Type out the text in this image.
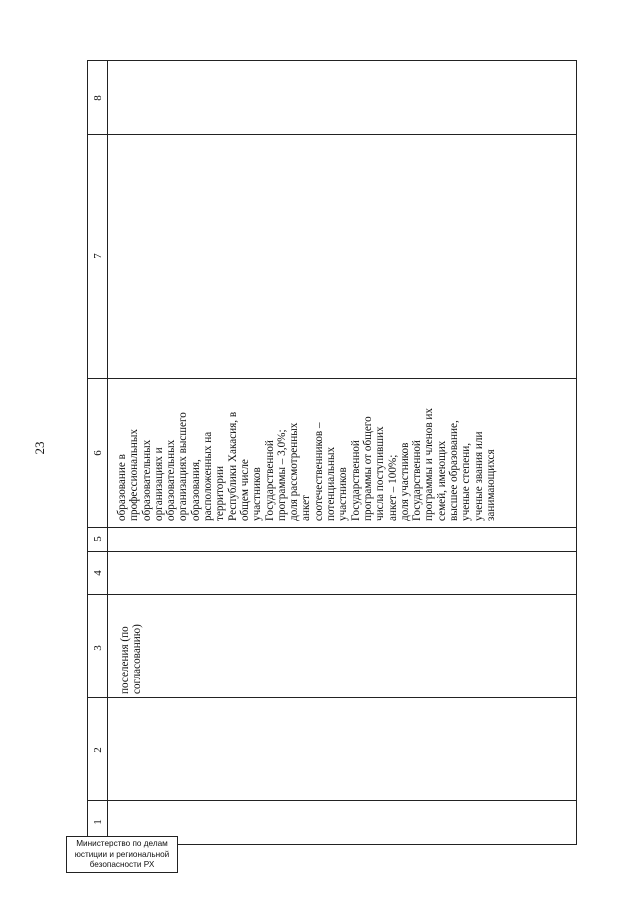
23
8
7
6
5
4
3
2
1
поселения (по
согласованию)
образование в
профессиональных
образовательных
организациях и
образовательных
организациях высшего
образования,
расположенных на
территории
Республики Хакасия, в
общем числе
участников
Государственной
программы – 3,0%;
доля рассмотренных
анкет
соотечественников –
потенциальных
участников
Государственной
программы от общего
числа поступивших
анкет – 100%;
доля участников
Государственной
программы и членов их
семей, имеющих
высшее образование,
ученые степени,
ученые звания или
занимающихся
Министерство по делам
юстиции и региональной
безопасности РХ
